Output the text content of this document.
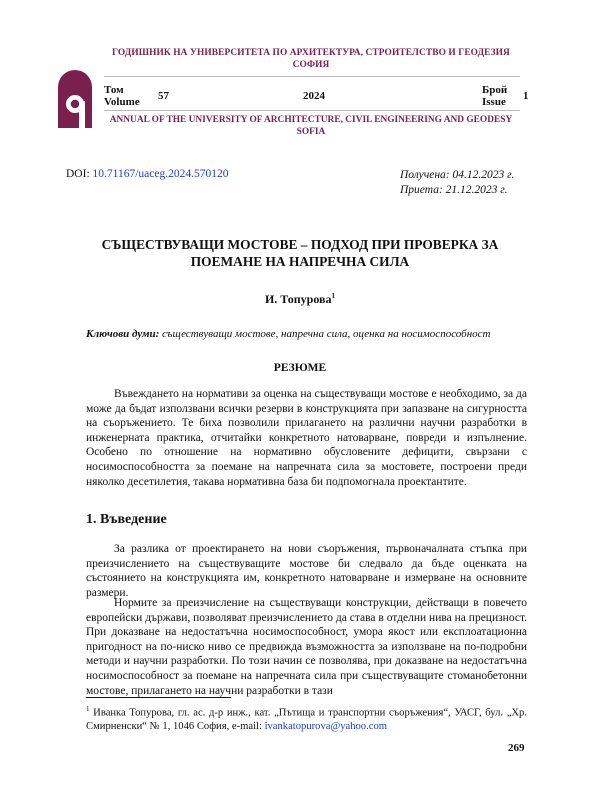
ГОДИШНИК НА УНИВЕРСИТЕТА ПО АРХИТЕКТУРА, СТРОИТЕЛСТВО И ГЕОДЕЗИЯ СОФИЯ
Том
Volume 57	2024	Брой
Issue 1
ANNUAL OF THE UNIVERSITY OF ARCHITECTURE, CIVIL ENGINEERING AND GEODESY SOFIA
DOI: 10.71167/uaceg.2024.570120	Получена: 04.12.2023 г.
Приета: 21.12.2023 г.
СЪЩЕСТВУВАЩИ МОСТОВЕ – ПОДХОД ПРИ ПРОВЕРКА ЗА ПОЕМАНЕ НА НАПРЕЧНА СИЛА
И. Топурова$^1$
Ключови думи: съществуващи мостове, напречна сила, оценка на носимоспособност
РЕЗЮМЕ
Въвеждането на нормативи за оценка на съществуващи мостове е необходимо, за да може да бъдат използвани всички резерви в конструкцията при запазване на сигурността на съоръжението. Те биха позволили прилагането на различни научни разработки в инженерната практика, отчитайки конкретното натоварване, повреди и изпълнение. Особено по отношение на нормативно обусловените дефицити, свързани с носимоспособността за поемане на напречната сила за мостовете, построени преди няколко десетилетия, такава нормативна база би подпомогнала проектантите.
1. Въведение
За разлика от проектирането на нови съоръжения, първоначалната стъпка при преизчислението на съществуващите мостове би следвало да бъде оценката на състоянието на конструкцията им, конкретното натоварване и измерване на основните размери.
Нормите за преизчисление на съществуващи конструкции, действащи в повечето европейски държави, позволяват преизчислението да става в отделни нива на прецизност. При доказване на недостатъчна носимоспособност, умора якост или експлоатационна пригодност на по-ниско ниво се предвижда възможността за използване на по-подробни методи и научни разработки. По този начин се позволява, при доказване на недостатъчна носимоспособност за поемане на напречната сила при съществуващите стоманобетонни мостове, прилагането на научни разработки в тази
$^1$ Иванка Топурова, гл. ас. д-р инж., кат. „Пътища и транспортни съоръжения“, УАСГ, бул. „Хр. Смирненски“ № 1, 1046 София, e-mail: ivankatopurova@yahoo.com
269
